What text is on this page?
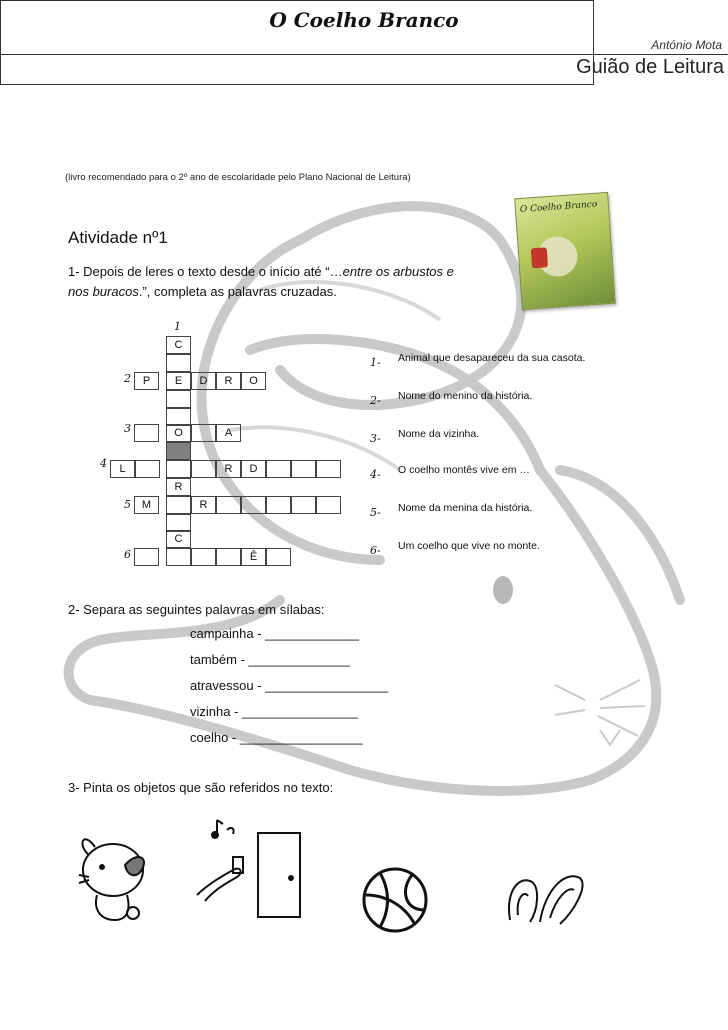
O Coelho Branco
António Mota
Guião de Leitura
(livro recomendado para o 2º ano de escolaridade pelo Plano Nacional de Leitura)
O Coelho Branco
Atividade nº1
1- Depois de leres o texto desde o início até “…entre os arbustos e
nos buracos.”, completa as palavras cruzadas.
1
2
3
4
5
6
C
R
C
P	E	D	R	O
O	A
L	R	D
M	R
Ê
1- Animal que desapareceu da sua casota.
2- Nome do menino da história.
3- Nome da vizinha.
4- O coelho montês vive em …
5- Nome da menina da história.
6- Um coelho que vive no monte.
2- Separa as seguintes palavras em sílabas:
campainha - _____________
também - ______________
atravessou - _________________
vizinha - ________________
coelho - _________________
3- Pinta os objetos que são referidos no texto:
